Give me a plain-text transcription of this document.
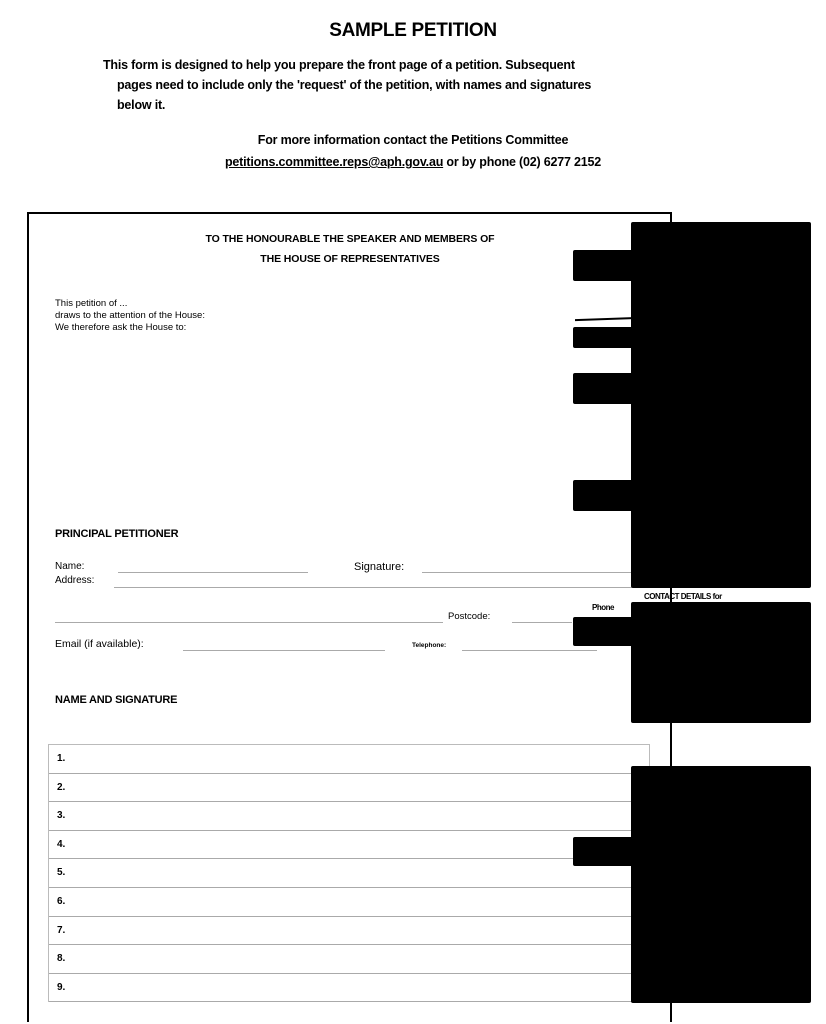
SAMPLE PETITION
This form is designed to help you prepare the front page of a petition. Subsequent
pages need to include only the 'request' of the petition, with names and signatures
below it.
For more information contact the Petitions Committee
petitions.committee.reps@aph.gov.au or by phone (02) 6277 2152
TO THE HONOURABLE THE SPEAKER AND MEMBERS OF
THE HOUSE OF REPRESENTATIVES
This petition of ...
draws to the attention of the House:
We therefore ask the House to:
PRINCIPAL PETITIONER
Name:	Signature:
Address:
Postcode:
Phone
Email (if available):	Telephone:
NAME AND SIGNATURE
1.
2.
3.
4.
5.
6.
7.
8.
9.
CONTACT DETAILS for
